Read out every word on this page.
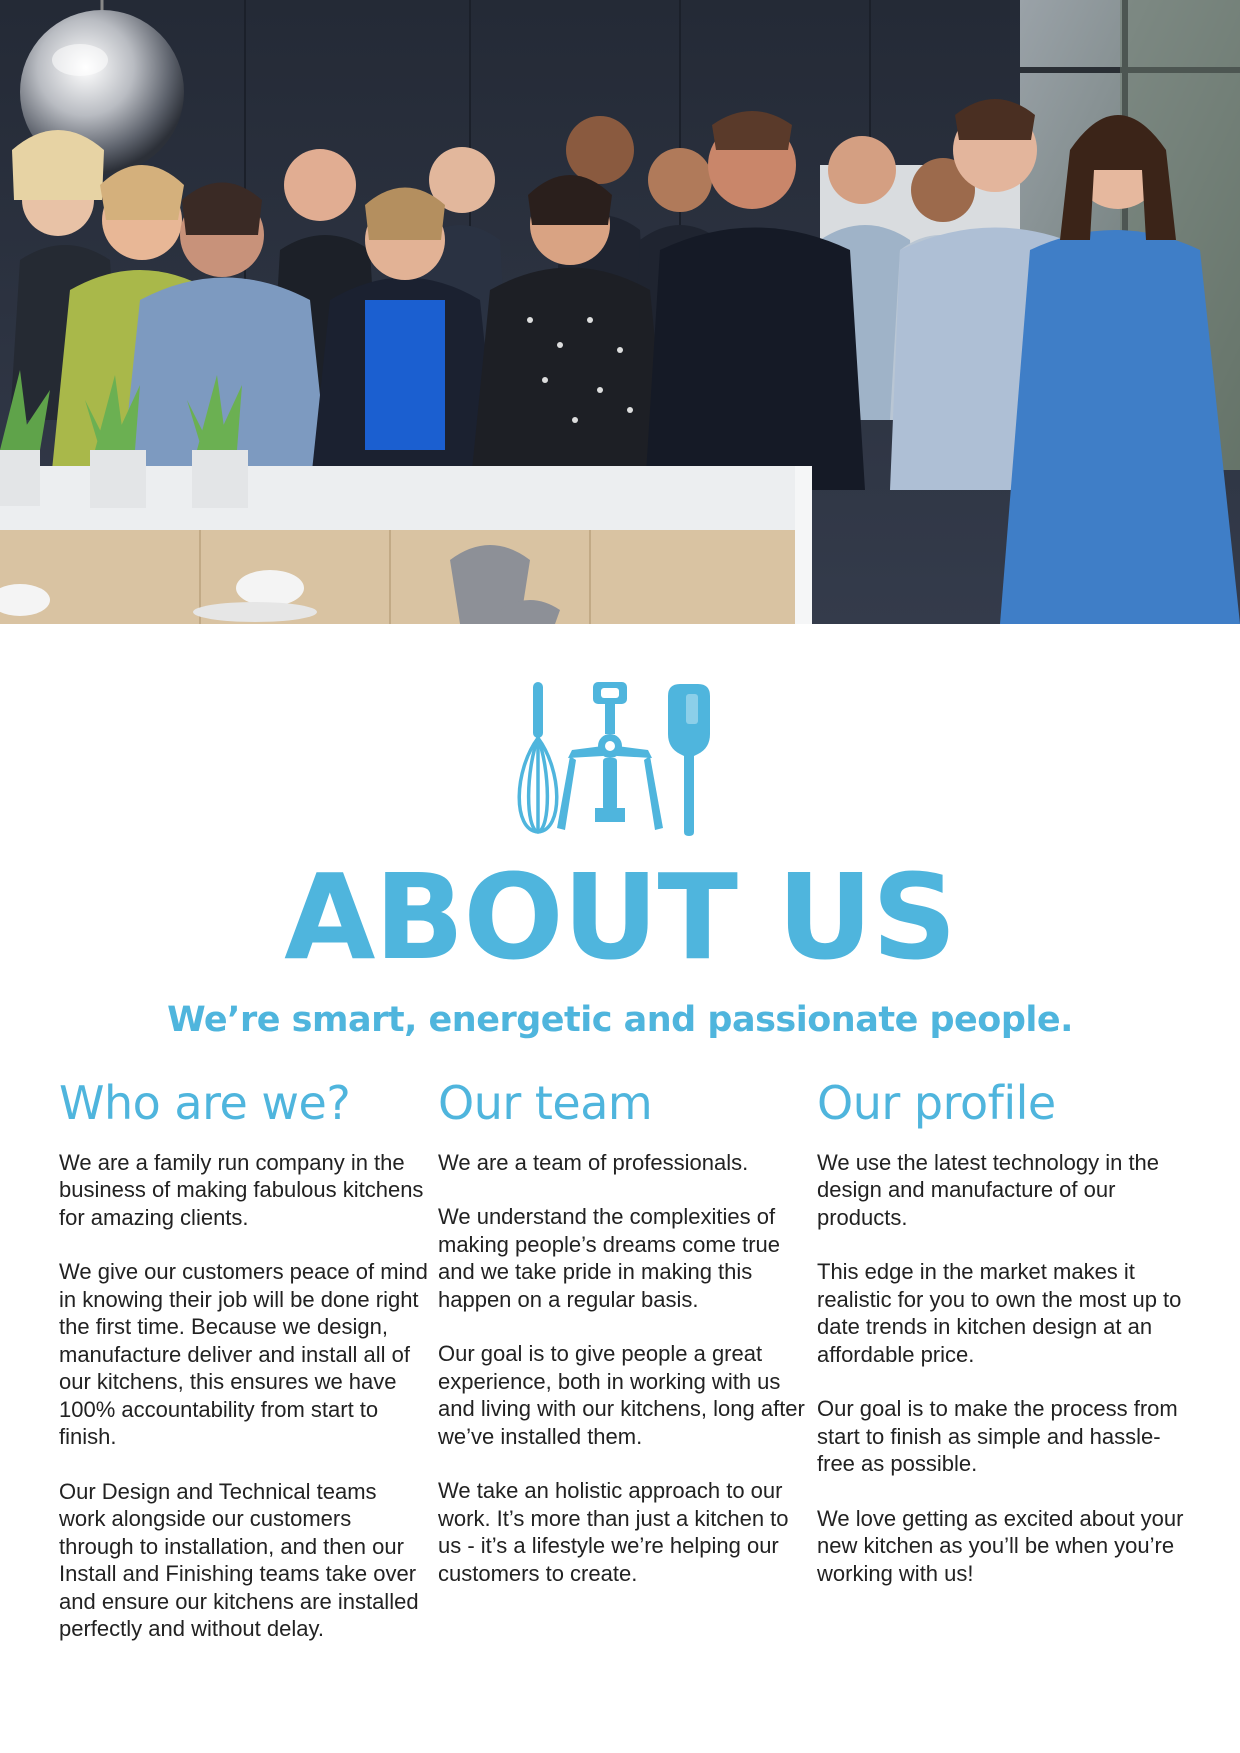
ABOUT US

We’re smart, energetic and passionate people.

Who are we?

We are a family run company in the business of making fabulous kitchens for amazing clients.

We give our customers peace of mind in knowing their job will be done right the first time. Because we design, manufacture deliver and install all of our kitchens, this ensures we have 100% accountability from start to finish.

Our Design and Technical teams work alongside our customers through to installation, and then our Install and Finishing teams take over and ensure our kitchens are installed perfectly and without delay.

Our team

We are a team of professionals.

We understand the complexities of making people’s dreams come true and we take pride in making this happen on a regular basis.

Our goal is to give people a great experience, both in working with us and living with our kitchens, long after we’ve installed them.

We take an holistic approach to our work. It’s more than just a kitchen to us - it’s a lifestyle we’re helping our customers to create.

Our profile

We use the latest technology in the design and manufacture of our products.

This edge in the market makes it realistic for you to own the most up to date trends in kitchen design at an affordable price.

Our goal is to make the process from start to finish as simple and hassle-free as possible.

We love getting as excited about your new kitchen as you’ll be when you’re working with us!
